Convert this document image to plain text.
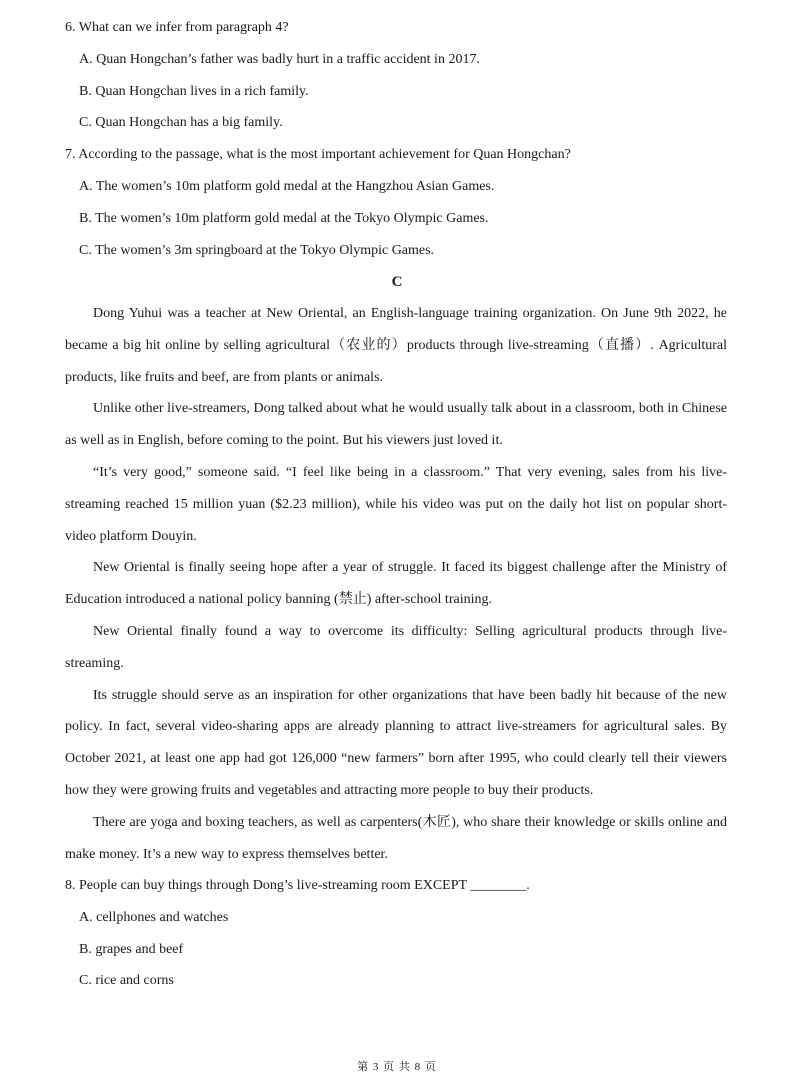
6. What can we infer from paragraph 4?
A. Quan Hongchan’s father was badly hurt in a traffic accident in 2017.
B. Quan Hongchan lives in a rich family.
C. Quan Hongchan has a big family.
7. According to the passage, what is the most important achievement for Quan Hongchan?
A. The women’s 10m platform gold medal at the Hangzhou Asian Games.
B. The women’s 10m platform gold medal at the Tokyo Olympic Games.
C. The women’s 3m springboard at the Tokyo Olympic Games.
C

Dong Yuhui was a teacher at New Oriental, an English-language training organization. On June 9th 2022, he became a big hit online by selling agricultural（农业的）products through live-streaming（直播）. Agricultural products, like fruits and beef, are from plants or animals.

Unlike other live-streamers, Dong talked about what he would usually talk about in a classroom, both in Chinese as well as in English, before coming to the point. But his viewers just loved it.

“It’s very good,” someone said. “I feel like being in a classroom.” That very evening, sales from his live-streaming reached 15 million yuan ($2.23 million), while his video was put on the daily hot list on popular short-video platform Douyin.

New Oriental is finally seeing hope after a year of struggle. It faced its biggest challenge after the Ministry of Education introduced a national policy banning (禁止) after-school training.

New Oriental finally found a way to overcome its difficulty: Selling agricultural products through live-streaming.

Its struggle should serve as an inspiration for other organizations that have been badly hit because of the new policy. In fact, several video-sharing apps are already planning to attract live-streamers for agricultural sales. By October 2021, at least one app had got 126,000 “new farmers” born after 1995, who could clearly tell their viewers how they were growing fruits and vegetables and attracting more people to buy their products.

There are yoga and boxing teachers, as well as carpenters(木匠), who share their knowledge or skills online and make money. It’s a new way to express themselves better.

8. People can buy things through Dong’s live-streaming room EXCEPT ________.
A. cellphones and watches
B. grapes and beef
C. rice and corns
第 3 页 共 8 页
